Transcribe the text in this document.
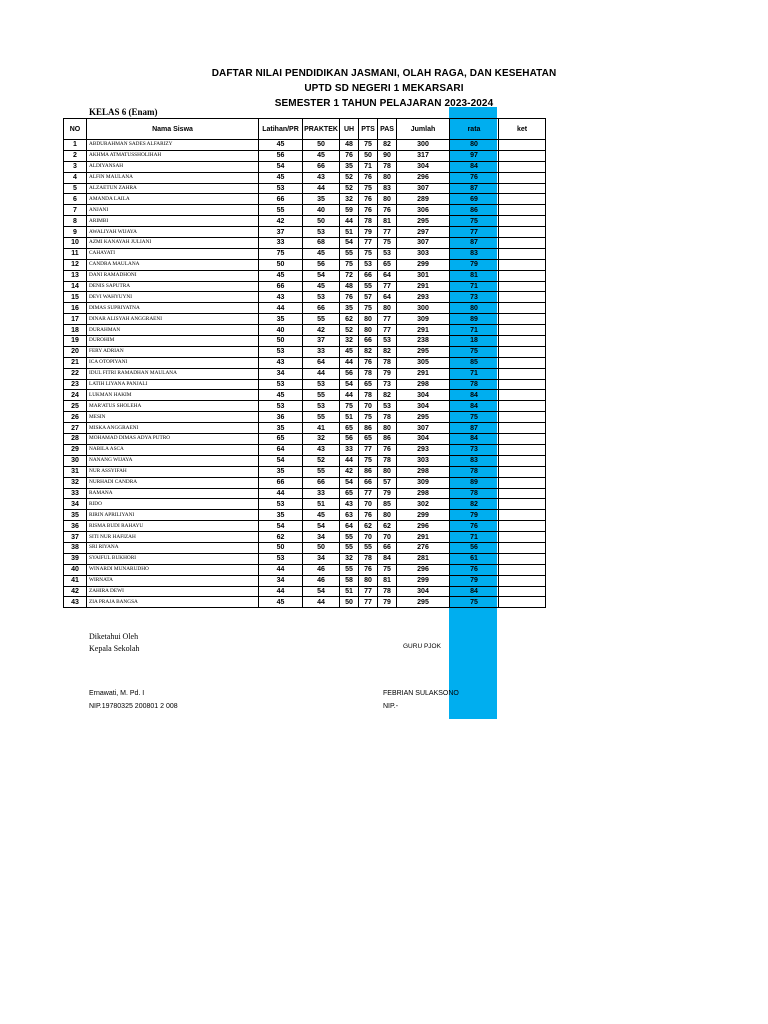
DAFTAR NILAI PENDIDIKAN JASMANI, OLAH RAGA, DAN KESEHATAN
UPTD SD NEGERI 1 MEKARSARI
SEMESTER 1 TAHUN PELAJARAN 2023-2024
KELAS 6 (Enam)
NO	Nama Siswa	Latihan/PR	PRAKTEK	UH	PTS	PAS	Jumlah	rata	ket
1	ABDURAHMAN SADES ALFARIZY	45	50	48	75	82	300	80	
2	AKHMA ATMATUSSHOLIHAH	56	45	76	50	90	317	97	
3	ALDIYANSAH	54	66	35	71	78	304	84	
4	ALFIN MAULANA	45	43	52	76	80	296	76	
5	ALZAETUN ZAHRA	53	44	52	75	83	307	87	
6	AMANDA LAILA	66	35	32	76	80	289	69	
7	ANJANI	55	40	59	76	76	306	86	
8	ARIMBI	42	50	44	78	81	295	75	
9	AWALIYAH WIJAYA	37	53	51	79	77	297	77	
10	AZMI KANAYAH JULIANI	33	68	54	77	75	307	87	
11	CAHAYATI	75	45	55	75	53	303	83	
12	CANDRA MAULANA	50	56	75	53	65	299	79	
13	DANI RAMADHONI	45	54	72	66	64	301	81	
14	DENIS SAPUTRA	66	45	48	55	77	291	71	
15	DEVI WAHYUYNI	43	53	76	57	64	293	73	
16	DIMAS SUPRIYATNA	44	66	35	75	80	300	80	
17	DINAR ALISYAH ANGGRAENI	35	55	62	80	77	309	89	
18	DURAHMAN	40	42	52	80	77	291	71	
19	DUROHIM	50	37	32	66	53	238	18	
20	FERY ADRIAN	53	33	45	82	82	295	75	
21	ICA OTOPIYANI	43	64	44	76	78	305	85	
22	IDUL FITRI RAMADHAN MAULANA	34	44	56	78	79	291	71	
23	LATIH LIYANA PANJALI	53	53	54	65	73	298	78	
24	LUKMAN HAKIM	45	55	44	78	82	304	84	
25	MAR'ATUS SHOLEHA	53	53	75	70	53	304	84	
26	MESIN	36	55	51	75	78	295	75	
27	MISKA ANGGRAENI	35	41	65	86	80	307	87	
28	MOHAMAD DIMAS ADYA PUTRO	65	32	56	65	86	304	84	
29	NABILA ASCA	64	43	33	77	76	293	73	
30	NANANG WIJAYA	54	52	44	75	78	303	83	
31	NUR ASSYIFAH	35	55	42	86	80	298	78	
32	NURHADI CANDRA	66	66	54	66	57	309	89	
33	RAMANA	44	33	65	77	79	298	78	
34	RIDO	53	51	43	70	85	302	82	
35	RIRIN APRILIYANI	35	45	63	76	80	299	79	
36	RISMA BUDI RAHAYU	54	54	64	62	62	296	76	
37	SITI NUR HAFIZAH	62	34	55	70	70	291	71	
38	SRI RIYANA	50	50	55	55	66	276	56	
39	SYAIFUL BUKHORI	53	34	32	78	84	281	61	
40	WINARDI MUNARUDHO	44	46	55	76	75	296	76	
41	WIRNATA	34	46	58	80	81	299	79	
42	ZAHIRA DEWI	44	54	51	77	78	304	84	
43	ZIA PRAJA BANGSA	45	44	50	77	79	295	75	
Diketahui Oleh
Kepala Sekolah	GURU PJOK
Ernawati, M. Pd. I
NIP.19780325 200801 2 008
FEBRIAN SULAKSONO
NIP.-
